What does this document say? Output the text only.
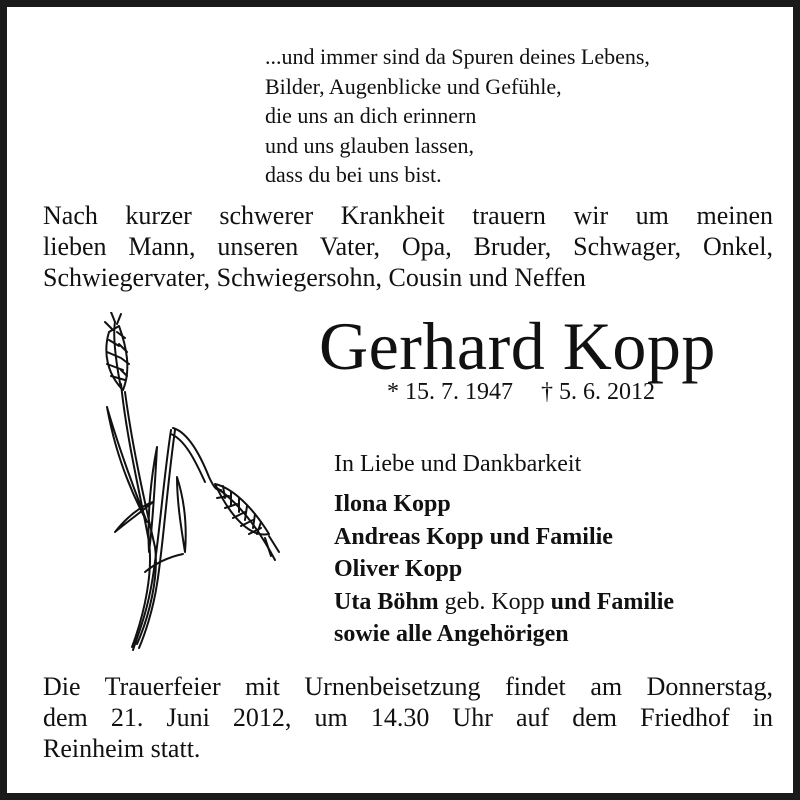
...und immer sind da Spuren deines Lebens,
Bilder, Augenblicke und Gefühle,
die uns an dich erinnern
und uns glauben lassen,
dass du bei uns bist.
Nach kurzer schwerer Krankheit trauern wir um meinen
lieben Mann, unseren Vater, Opa, Bruder, Schwager, Onkel,
Schwiegervater, Schwiegersohn, Cousin und Neffen
Gerhard Kopp
* 15. 7. 1947 † 5. 6. 2012
In Liebe und Dankbarkeit
Ilona Kopp
Andreas Kopp und Familie
Oliver Kopp
Uta Böhm geb. Kopp und Familie
sowie alle Angehörigen
Die Trauerfeier mit Urnenbeisetzung findet am Donnerstag,
dem 21. Juni 2012, um 14.30 Uhr auf dem Friedhof in
Reinheim statt.
